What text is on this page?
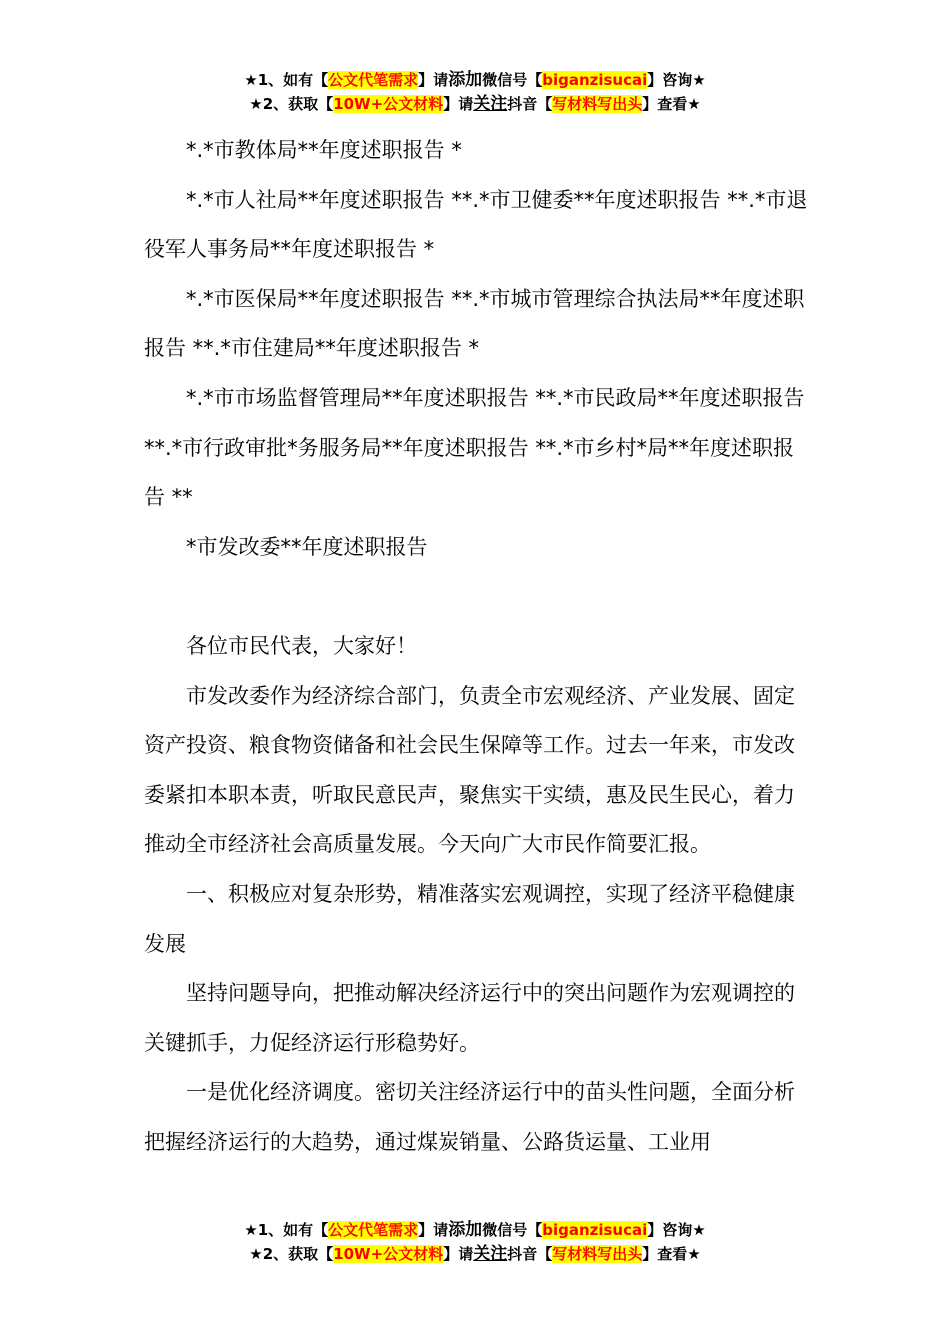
★1、如有【公文代笔需求】请添加微信号【biganzisucai】咨询★
★2、获取【10W+公文材料】请关注抖音【写材料写出头】查看★

*.*市教体局**年度述职报告 *

*.*市人社局**年度述职报告 **.*市卫健委**年度述职报告 **.*市退役军人事务局**年度述职报告 *

*.*市医保局**年度述职报告 **.*市城市管理综合执法局**年度述职报告 **.*市住建局**年度述职报告 *

*.*市市场监督管理局**年度述职报告 **.*市民政局**年度述职报告 **.*市行政审批*务服务局**年度述职报告 **.*市乡村*局**年度述职报告 **

*市发改委**年度述职报告

各位市民代表，大家好！

市发改委作为经济综合部门，负责全市宏观经济、产业发展、固定资产投资、粮食物资储备和社会民生保障等工作。过去一年来，市发改委紧扣本职本责，听取民意民声，聚焦实干实绩，惠及民生民心，着力推动全市经济社会高质量发展。今天向广大市民作简要汇报。

一、积极应对复杂形势，精准落实宏观调控，实现了经济平稳健康发展

坚持问题导向，把推动解决经济运行中的突出问题作为宏观调控的关键抓手，力促经济运行形稳势好。

一是优化经济调度。密切关注经济运行中的苗头性问题，全面分析把握经济运行的大趋势，通过煤炭销量、公路货运量、工业用

★1、如有【公文代笔需求】请添加微信号【biganzisucai】咨询★
★2、获取【10W+公文材料】请关注抖音【写材料写出头】查看★
